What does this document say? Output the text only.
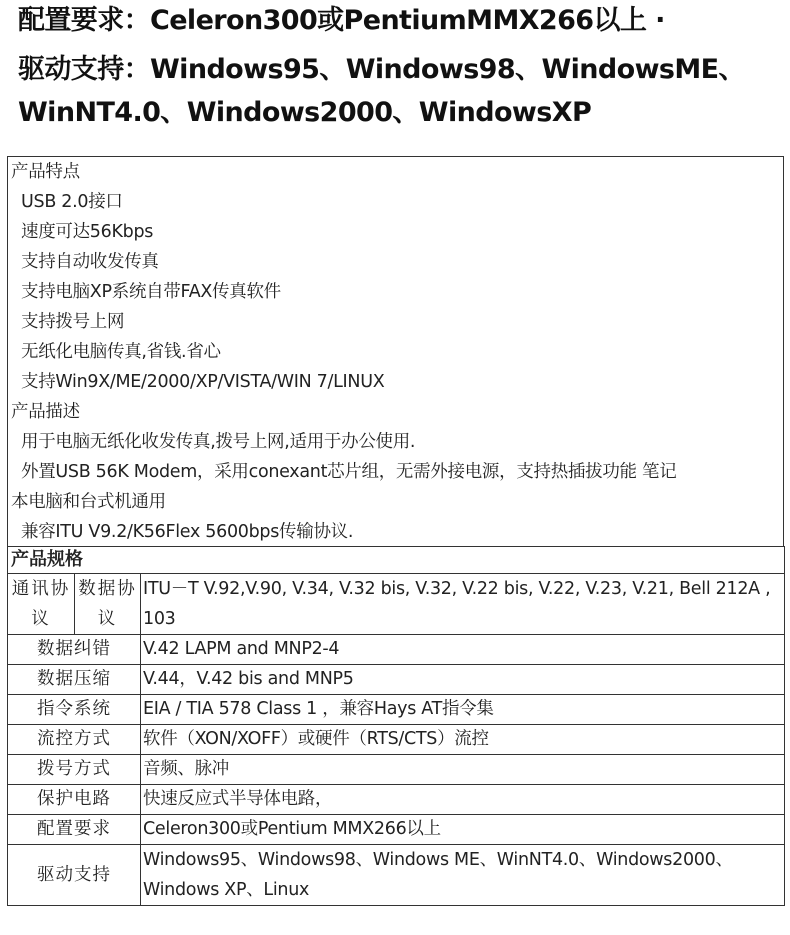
配置要求：Celeron300或PentiumMMX266以上 ·
驱动支持：Windows95、Windows98、WindowsME、
WinNT4.0、Windows2000、WindowsXP
产品特点
USB 2.0接口
速度可达56Kbps
支持自动收发传真
支持电脑XP系统自带FAX传真软件
支持拨号上网
无纸化电脑传真,省钱.省心
支持Win9X/ME/2000/XP/VISTA/WIN 7/LINUX
产品描述
用于电脑无纸化收发传真,拨号上网,适用于办公使用.
外置USB 56K Modem，采用conexant芯片组，无需外接电源，支持热插拔功能 笔记
本电脑和台式机通用
兼容ITU V9.2/K56Flex 5600bps传输协议.
产品规格		
通讯协议	数据协议	ITU－T V.92,V.90, V.34, V.32 bis, V.32, V.22 bis, V.22, V.23, V.21, Bell 212A , 103
数据纠错		V.42 LAPM and MNP2-4
数据压缩		V.44，V.42 bis and MNP5
指令系统		EIA / TIA 578 Class 1 ，兼容Hays AT指令集
流控方式		软件（XON/XOFF）或硬件（RTS/CTS）流控
拨号方式		音频、脉冲
保护电路		快速反应式半导体电路，
配置要求		Celeron300或Pentium MMX266以上
驱动支持		Windows95、Windows98、Windows ME、WinNT4.0、Windows2000、Windows XP、Linux
